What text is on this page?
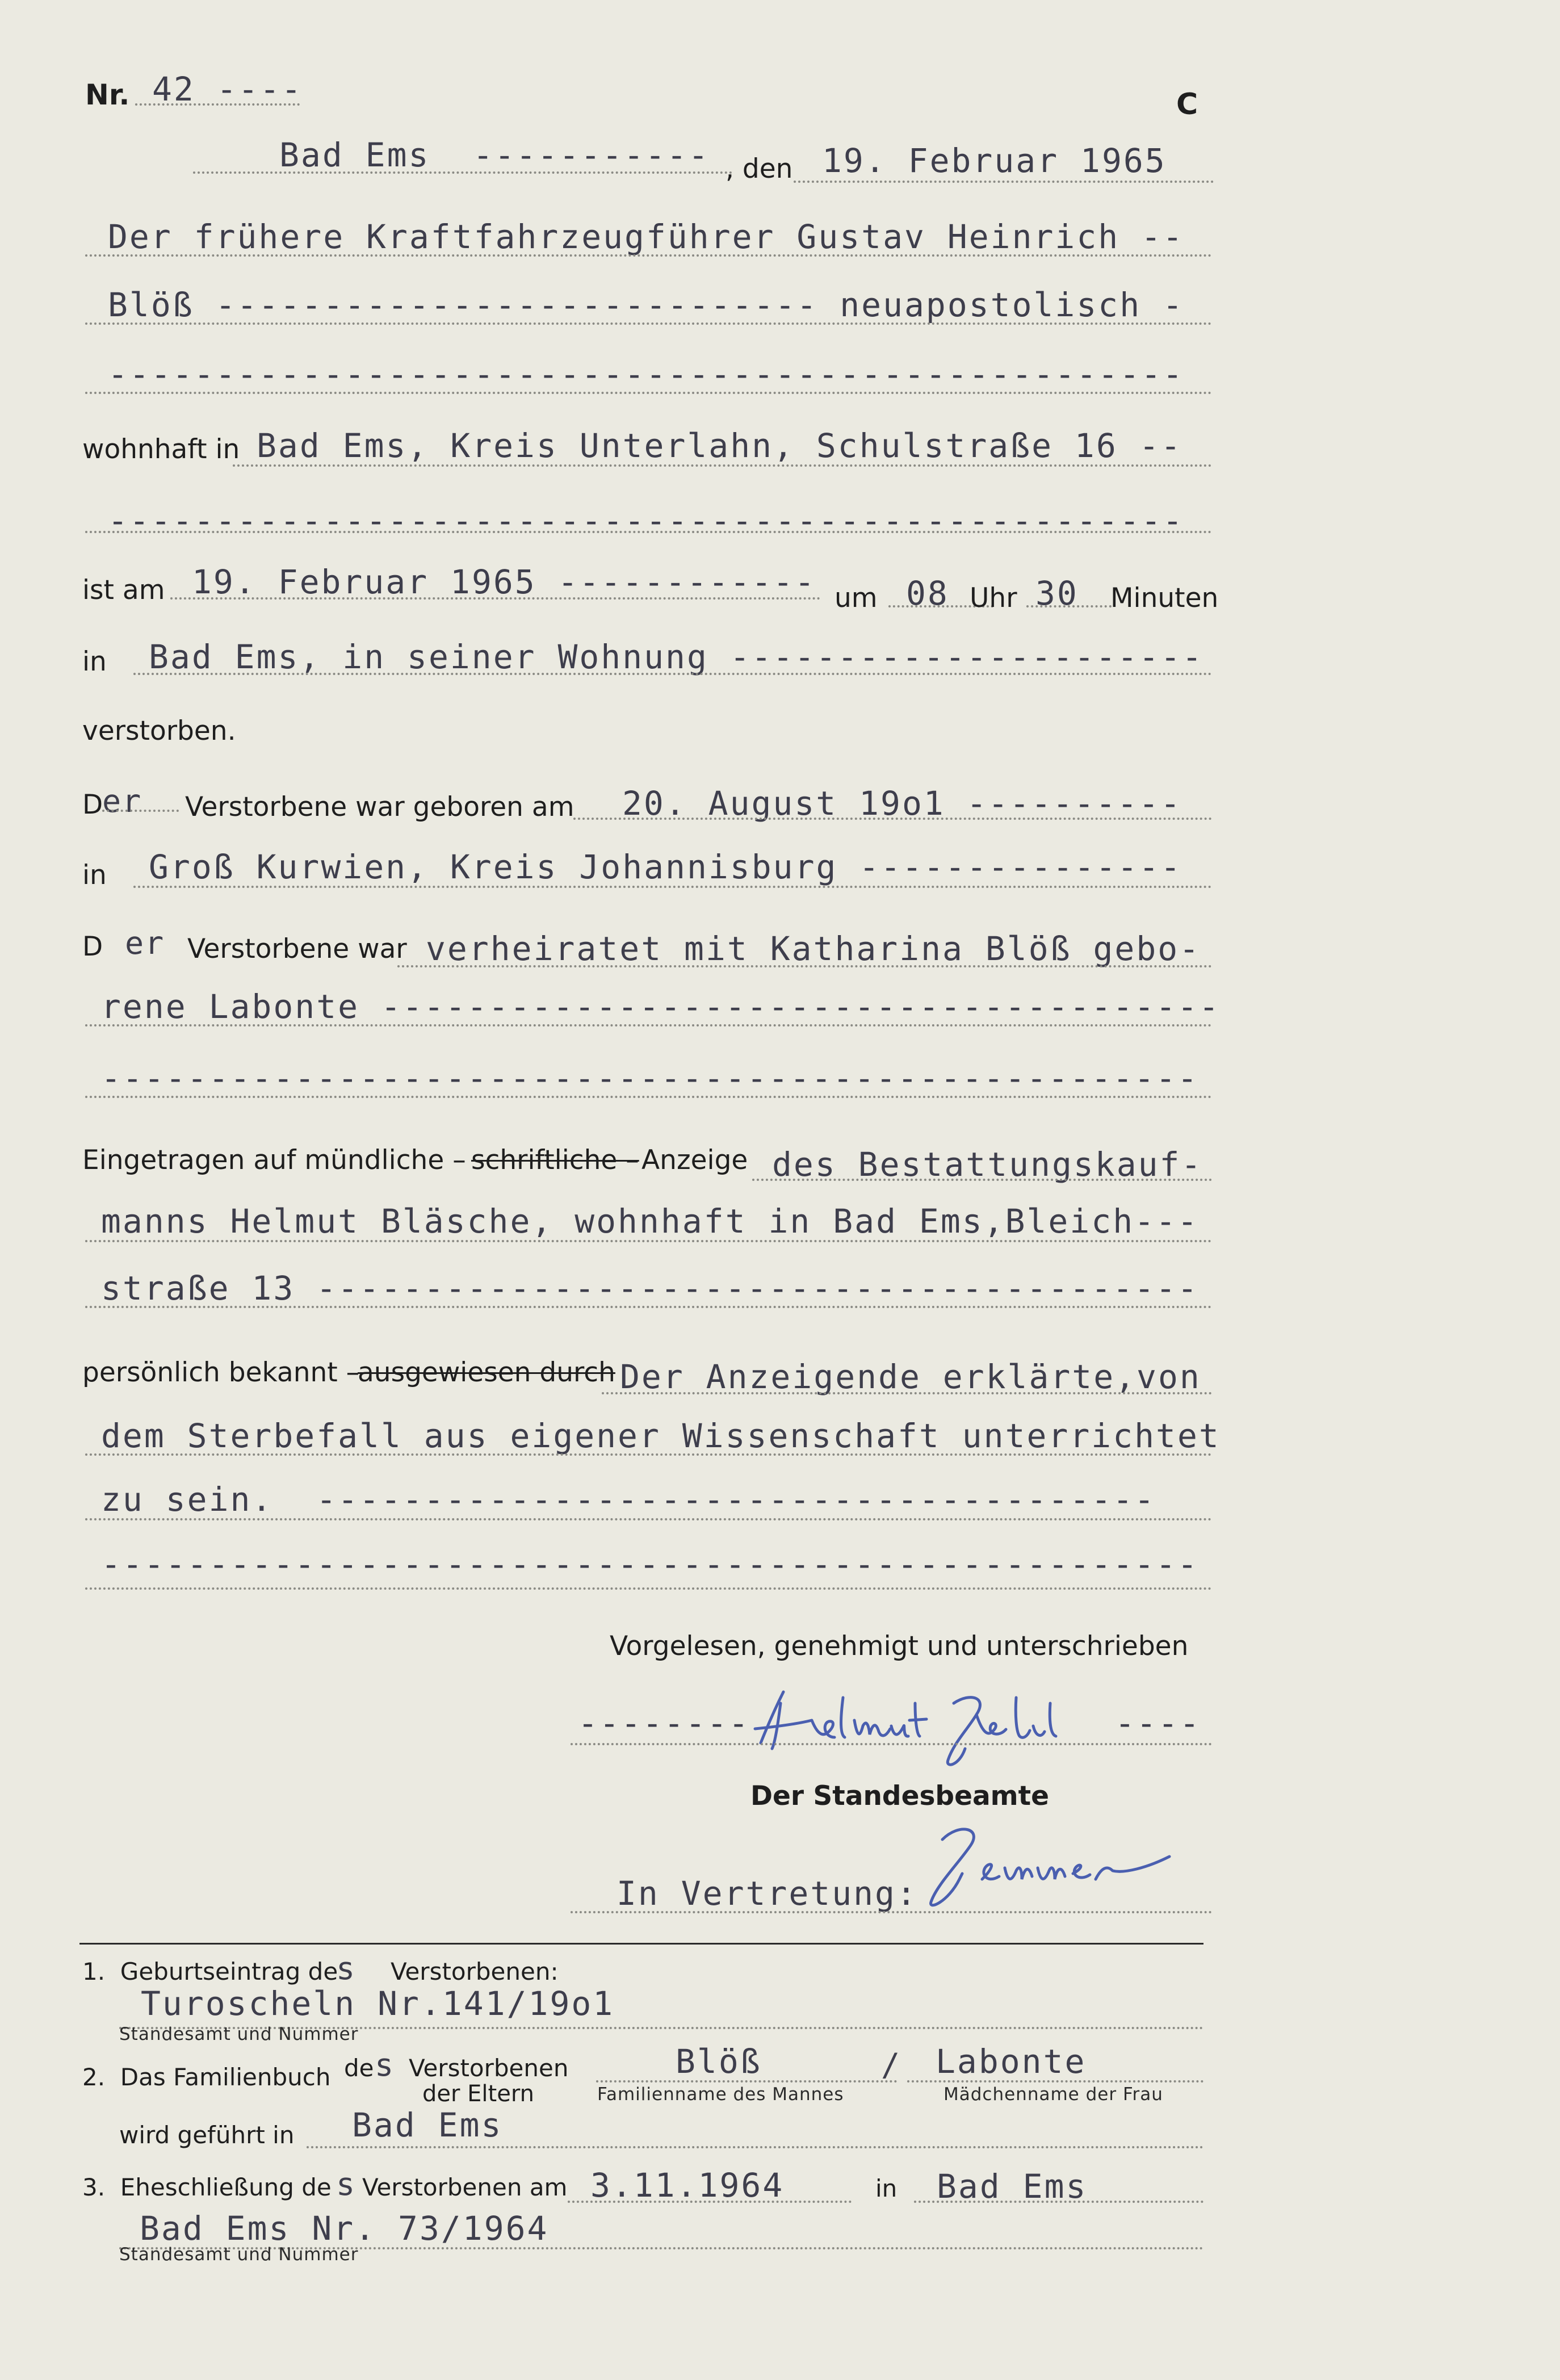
Nr. 42 ----	C
Bad Ems  ----------- , den 19. Februar 1965
Der frühere Kraftfahrzeugführer Gustav Heinrich --
Blöß ---------------------------- neuapostolisch -
--------------------------------------------------
wohnhaft in Bad Ems, Kreis Unterlahn, Schulstraße 16 --
--------------------------------------------------
ist am 19. Februar 1965 ------------ um 08 Uhr 30 Minuten
in Bad Ems, in seiner Wohnung ----------------------
verstorben.
D
er Verstorbene war geboren am 20. August 19o1 ----------
in Groß Kurwien, Kreis Johannisburg ---------------
D er Verstorbene war verheiratet mit Katharina Blöß gebo-
rene Labonte ---------------------------------------
---------------------------------------------------
Eingetragen auf mündliche – schriftliche – Anzeige des Bestattungskauf-
manns Helmut Bläsche, wohnhaft in Bad Ems,Bleich---
straße 13 -----------------------------------------
persönlich bekannt –
ausgewiesen durch Der Anzeigende erklärte,von
dem Sterbefall aus eigener Wissenschaft unterrichtet
zu sein.  ---------------------------------------
---------------------------------------------------
Vorgelesen, genehmigt und unterschrieben
--------	----
Der Standesbeamte
In Vertretung:
1.  Geburtseintrag de
s Verstorbenen:
Turoscheln Nr.141/19o1
Standesamt und Nummer
2.  Das Familienbuch de s Verstorbenen
der Eltern
Blöß	/ Labonte
Familienname des Mannes	Mädchenname der Frau
wird geführt in Bad Ems
3.  Eheschließung de s Verstorbenen am 3.11.1964	in Bad Ems
Bad Ems Nr. 73/1964
Standesamt und Nummer
